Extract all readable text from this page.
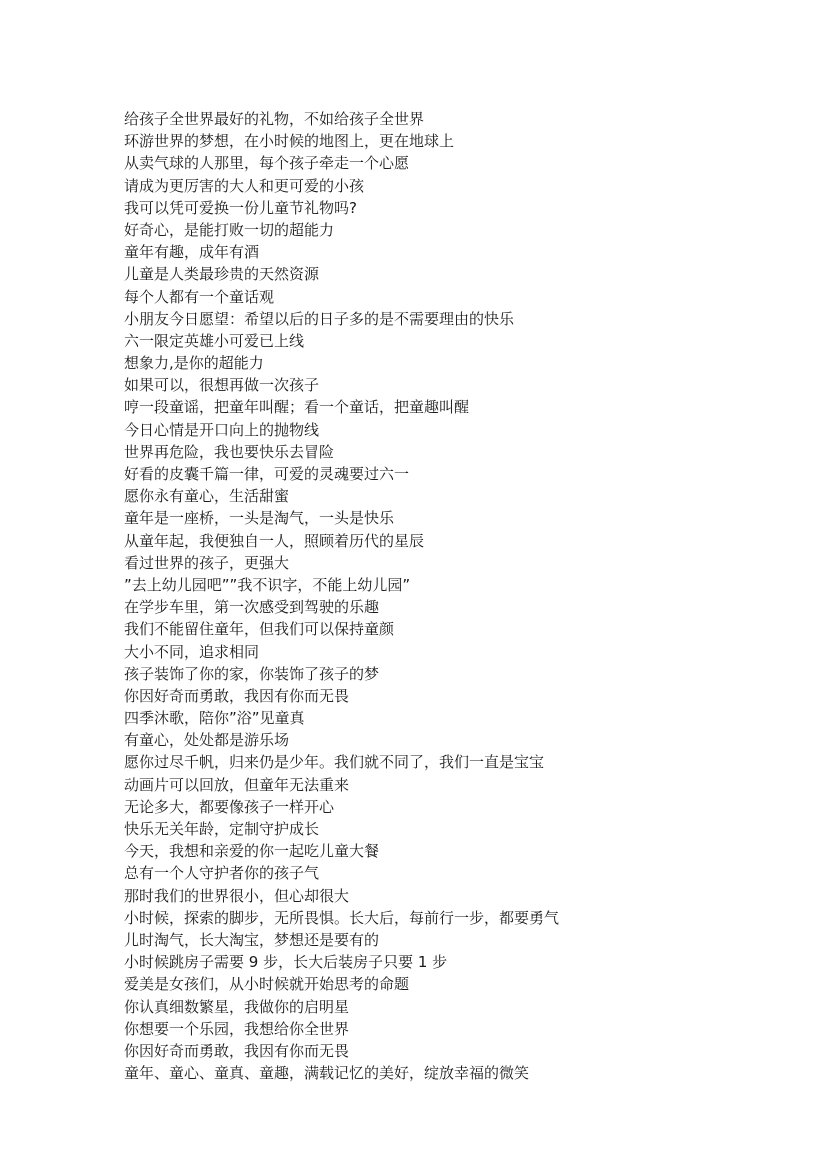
给孩子全世界最好的礼物，不如给孩子全世界
环游世界的梦想，在小时候的地图上，更在地球上
从卖气球的人那里，每个孩子牵走一个心愿
请成为更厉害的大人和更可爱的小孩
我可以凭可爱换一份儿童节礼物吗?
好奇心，是能打败一切的超能力
童年有趣，成年有酒
儿童是人类最珍贵的天然资源
每个人都有一个童话观
小朋友今日愿望：希望以后的日子多的是不需要理由的快乐
六一限定英雄小可爱已上线
想象力,是你的超能力
如果可以，很想再做一次孩子
哼一段童谣，把童年叫醒；看一个童话，把童趣叫醒
今日心情是开口向上的抛物线
世界再危险，我也要快乐去冒险
好看的皮囊千篇一律，可爱的灵魂要过六一
愿你永有童心，生活甜蜜
童年是一座桥，一头是淘气，一头是快乐
从童年起，我便独自一人，照顾着历代的星辰
看过世界的孩子，更强大
”去上幼儿园吧””我不识字，不能上幼儿园”
在学步车里，第一次感受到驾驶的乐趣
我们不能留住童年，但我们可以保持童颜
大小不同，追求相同
孩子装饰了你的家，你装饰了孩子的梦
你因好奇而勇敢，我因有你而无畏
四季沐歌，陪你”浴”见童真
有童心，处处都是游乐场
愿你过尽千帆，归来仍是少年。我们就不同了，我们一直是宝宝
动画片可以回放，但童年无法重来
无论多大，都要像孩子一样开心
快乐无关年龄，定制守护成长
今天，我想和亲爱的你一起吃儿童大餐
总有一个人守护者你的孩子气
那时我们的世界很小，但心却很大
小时候，探索的脚步，无所畏惧。长大后，每前行一步，都要勇气
儿时淘气，长大淘宝，梦想还是要有的
小时候跳房子需要 9 步，长大后装房子只要 1 步
爱美是女孩们，从小时候就开始思考的命题
你认真细数繁星，我做你的启明星
你想要一个乐园，我想给你全世界
你因好奇而勇敢，我因有你而无畏
童年、童心、童真、童趣，满载记忆的美好，绽放幸福的微笑
